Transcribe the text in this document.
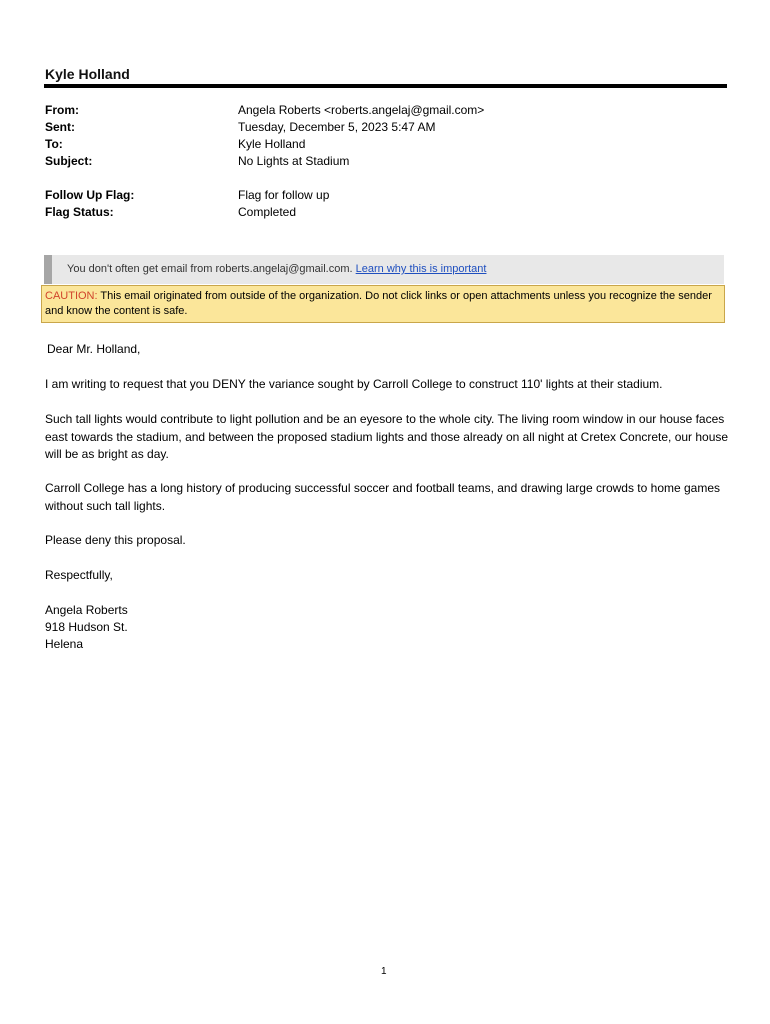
Kyle Holland
From:	Angela Roberts <roberts.angelaj@gmail.com>
Sent:	Tuesday, December 5, 2023 5:47 AM
To:	Kyle Holland
Subject:	No Lights at Stadium
Follow Up Flag:	Flag for follow up
Flag Status:	Completed
You don't often get email from roberts.angelaj@gmail.com. Learn why this is important
CAUTION: This email originated from outside of the organization. Do not click links or open attachments unless you recognize the sender and know the content is safe.
Dear Mr. Holland,
I am writing to request that you DENY the variance sought by Carroll College to construct 110' lights at their stadium.
Such tall lights would contribute to light pollution and be an eyesore to the whole city. The living room window in our house faces east towards the stadium, and between the proposed stadium lights and those already on all night at Cretex Concrete, our house will be as bright as day.
Carroll College has a long history of producing successful soccer and football teams, and drawing large crowds to home games without such tall lights.
Please deny this proposal.
Respectfully,
Angela Roberts
918 Hudson St.
Helena
1
